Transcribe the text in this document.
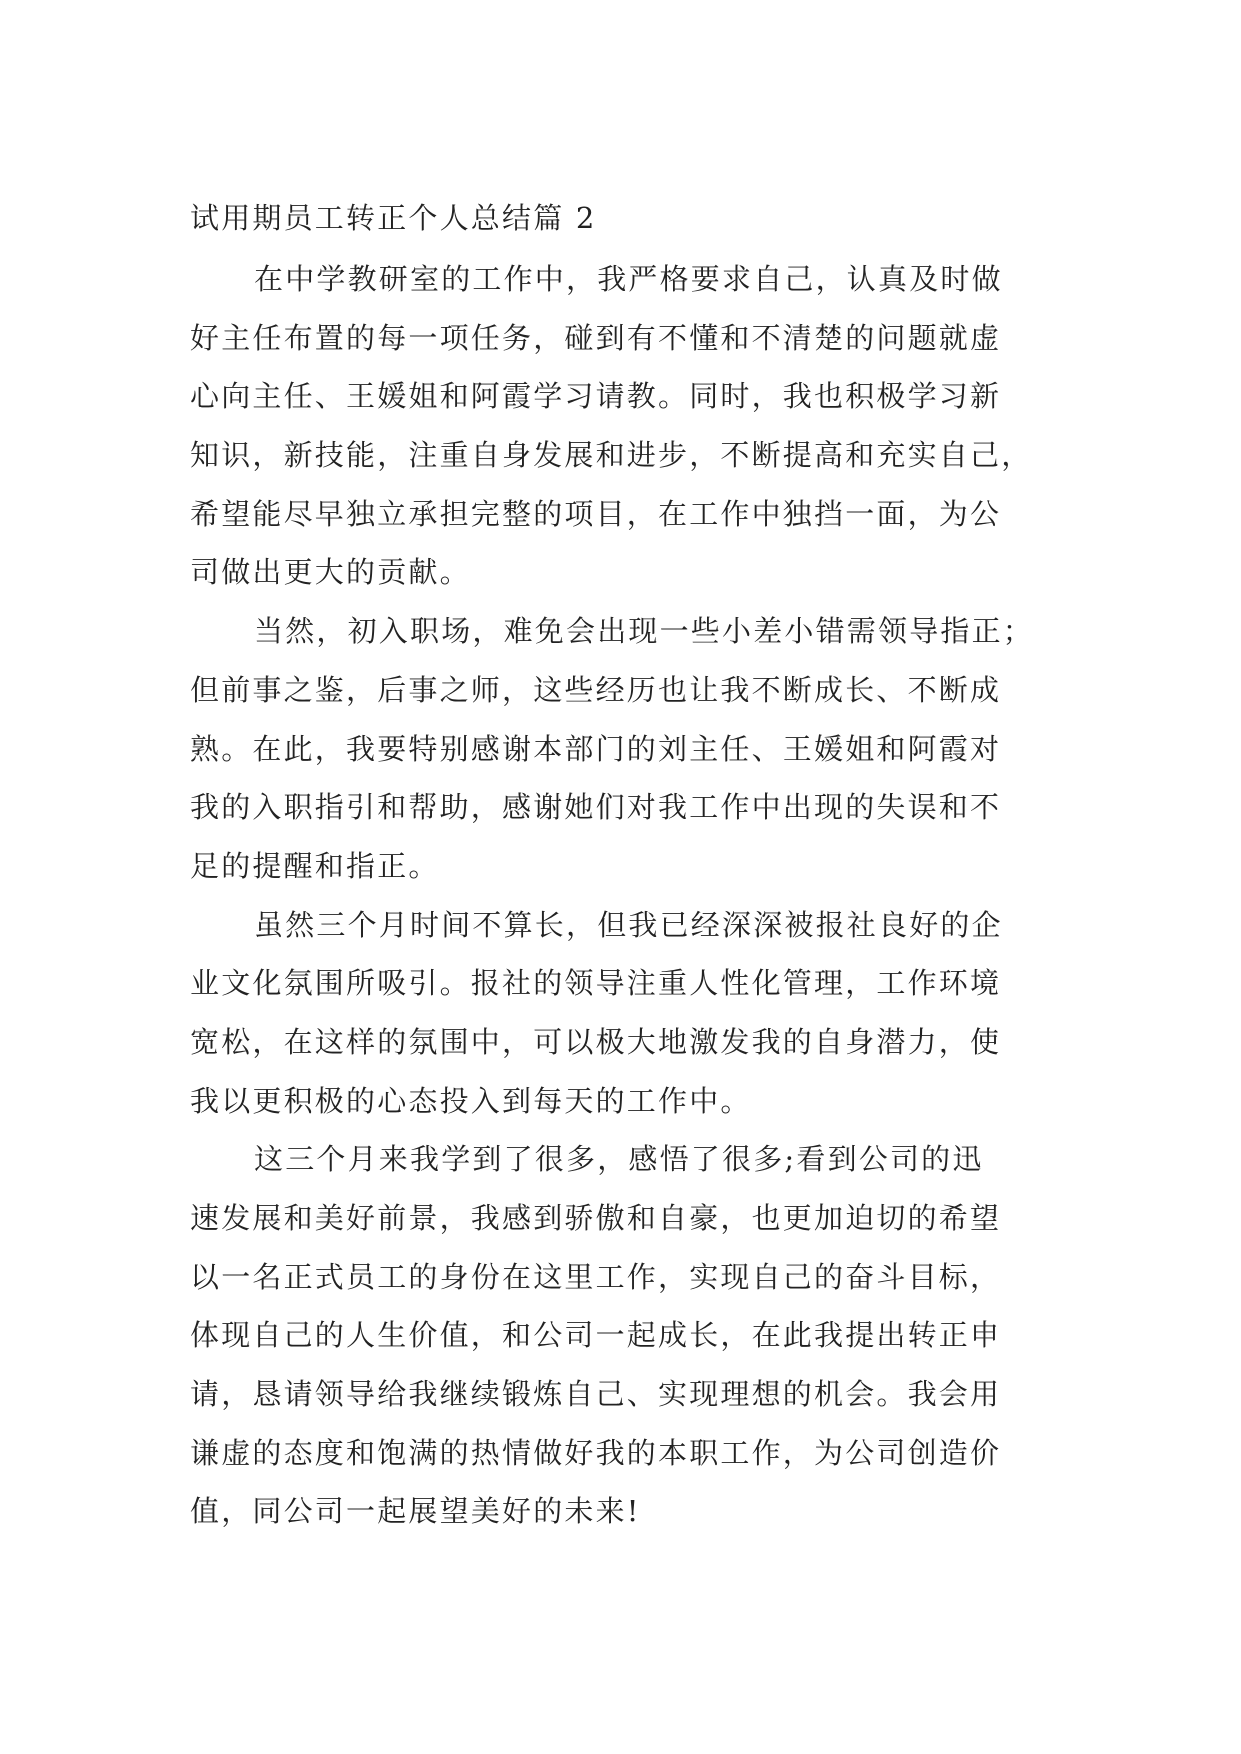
试用期员工转正个人总结篇 2

在中学教研室的工作中，我严格要求自己，认真及时做
好主任布置的每一项任务，碰到有不懂和不清楚的问题就虚
心向主任、王媛姐和阿霞学习请教。同时，我也积极学习新
知识，新技能，注重自身发展和进步，不断提高和充实自己，
希望能尽早独立承担完整的项目，在工作中独挡一面，为公
司做出更大的贡献。

当然，初入职场，难免会出现一些小差小错需领导指正；
但前事之鉴，后事之师，这些经历也让我不断成长、不断成
熟。在此，我要特别感谢本部门的刘主任、王媛姐和阿霞对
我的入职指引和帮助，感谢她们对我工作中出现的失误和不
足的提醒和指正。

虽然三个月时间不算长，但我已经深深被报社良好的企
业文化氛围所吸引。报社的领导注重人性化管理，工作环境
宽松，在这样的氛围中，可以极大地激发我的自身潜力，使
我以更积极的心态投入到每天的工作中。

这三个月来我学到了很多，感悟了很多;看到公司的迅
速发展和美好前景，我感到骄傲和自豪，也更加迫切的希望
以一名正式员工的身份在这里工作，实现自己的奋斗目标，
体现自己的人生价值，和公司一起成长，在此我提出转正申
请，恳请领导给我继续锻炼自己、实现理想的机会。我会用
谦虚的态度和饱满的热情做好我的本职工作，为公司创造价
值，同公司一起展望美好的未来!
